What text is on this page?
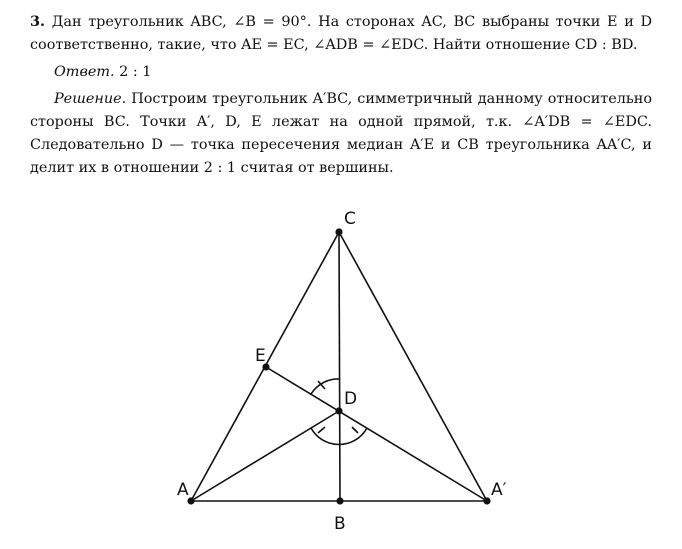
3. Дан треугольник ABC, ∠B = 90°. На сторонах AC, BC выбраны точки E и D соответственно, такие, что AE = EC, ∠ADB = ∠EDC. Найти отношение CD : BD.

Ответ. 2 : 1

Решение. Построим треугольник A′BC, симметричный данному относительно стороны BC. Точки A′, D, E лежат на одной прямой, т.к. ∠A′DB = ∠EDC. Следовательно D — точка пересечения медиан A′E и CB треугольника AA′C, и делит их в отношении 2 : 1 считая от вершины.

A	A′
B
C
D
E
